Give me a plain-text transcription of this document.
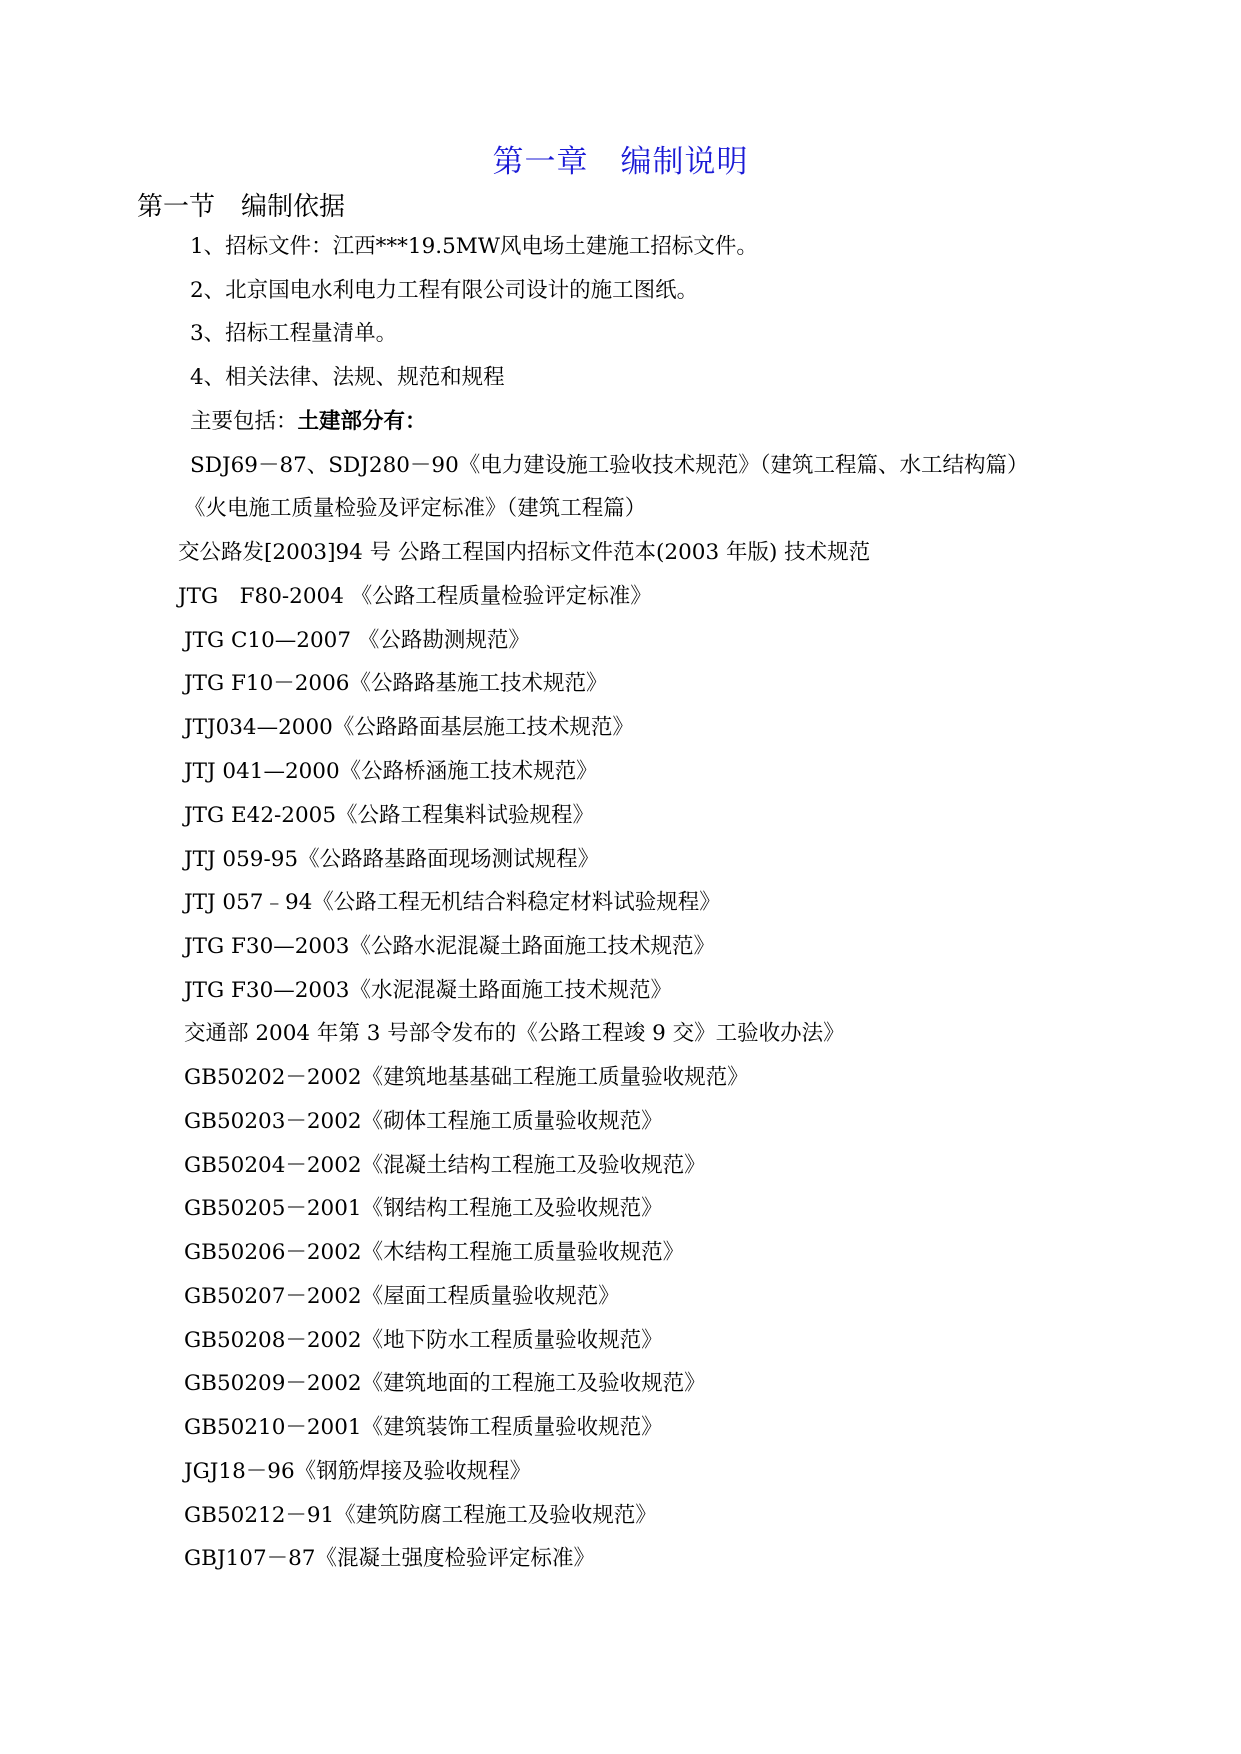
第一章　编制说明
第一节　编制依据
1、招标文件：江西***19.5MW风电场土建施工招标文件。
2、北京国电水利电力工程有限公司设计的施工图纸。
3、招标工程量清单。
4、相关法律、法规、规范和规程
主要包括：土建部分有：
SDJ69－87、SDJ280－90《电力建设施工验收技术规范》（建筑工程篇、水工结构篇）
《火电施工质量检验及评定标准》（建筑工程篇）
交公路发[2003]94 号 公路工程国内招标文件范本(2003 年版) 技术规范
JTG　F80-2004 《公路工程质量检验评定标准》
JTG C10—2007 《公路勘测规范》
JTG F10－2006《公路路基施工技术规范》
JTJ034—2000《公路路面基层施工技术规范》
JTJ 041—2000《公路桥涵施工技术规范》
JTG E42-2005《公路工程集料试验规程》
JTJ 059-95《公路路基路面现场测试规程》
JTJ 057﹣94《公路工程无机结合料稳定材料试验规程》
JTG F30—2003《公路水泥混凝土路面施工技术规范》
JTG F30—2003《水泥混凝土路面施工技术规范》
交通部 2004 年第 3 号部令发布的《公路工程竣 9 交》工验收办法》
GB50202－2002《建筑地基基础工程施工质量验收规范》
GB50203－2002《砌体工程施工质量验收规范》
GB50204－2002《混凝土结构工程施工及验收规范》
GB50205－2001《钢结构工程施工及验收规范》
GB50206－2002《木结构工程施工质量验收规范》
GB50207－2002《屋面工程质量验收规范》
GB50208－2002《地下防水工程质量验收规范》
GB50209－2002《建筑地面的工程施工及验收规范》
GB50210－2001《建筑装饰工程质量验收规范》
JGJ18－96《钢筋焊接及验收规程》
GB50212－91《建筑防腐工程施工及验收规范》
GBJ107－87《混凝土强度检验评定标准》
